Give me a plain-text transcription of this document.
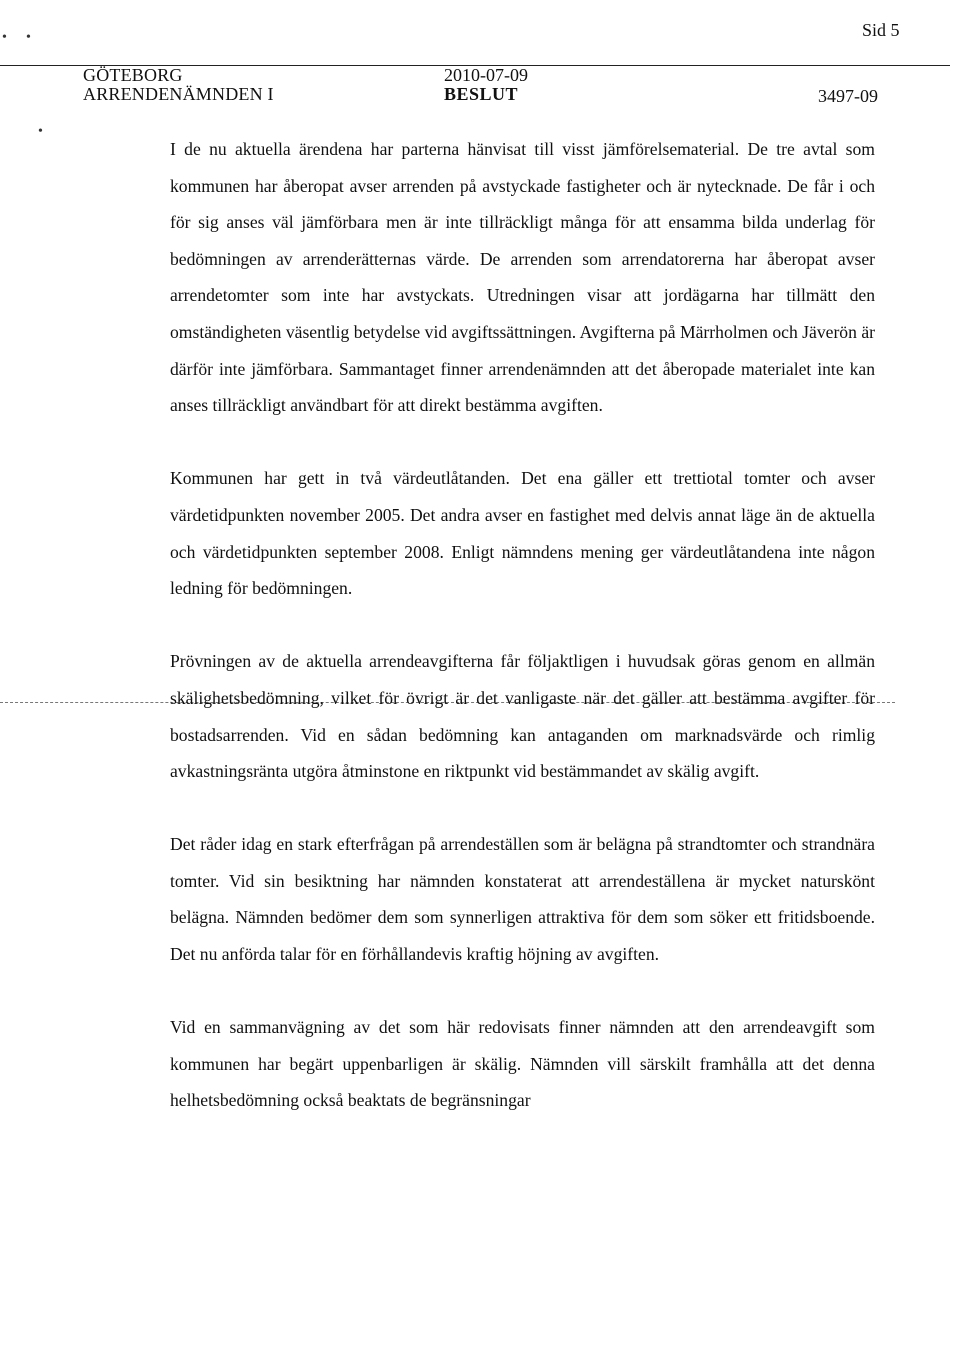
Sid 5
ARRENDENÄMNDEN I	BESLUT	3497-09
GÖTEBORG	2010-07-09
•
• •

I de nu aktuella ärendena har parterna hänvisat till visst jämförelsematerial. De tre avtal som kommunen har åberopat avser arrenden på avstyckade fastigheter och är nytecknade. De får i och för sig anses väl jämförbara men är inte tillräckligt många för att ensamma bilda underlag för bedömningen av arrenderätternas värde. De arrenden som arrendatorerna har åberopat avser arrendetomter som inte har avstyckats. Utredningen visar att jordägarna har tillmätt den omständigheten väsentlig betydelse vid avgiftssättningen. Avgifterna på Märrholmen och Jäverön är därför inte jämförbara. Sammantaget finner arrendenämnden att det åberopade materialet inte kan anses tillräckligt användbart för att direkt bestämma avgiften.

Kommunen har gett in två värdeutlåtanden. Det ena gäller ett trettiotal tomter och avser värdetidpunkten november 2005. Det andra avser en fastighet med delvis annat läge än de aktuella och värdetidpunkten september 2008. Enligt nämndens mening ger värdeutlåtandena inte någon ledning för bedömningen.

Prövningen av de aktuella arrendeavgifterna får följaktligen i huvudsak göras genom en allmän skälighetsbedömning, vilket för övrigt är det vanligaste när det gäller att bestämma avgifter för bostadsarrenden. Vid en sådan bedömning kan antaganden om marknadsvärde och rimlig avkastningsränta utgöra åtminstone en riktpunkt vid bestämmandet av skälig avgift.

Det råder idag en stark efterfrågan på arrendeställen som är belägna på strandtomter och strandnära tomter. Vid sin besiktning har nämnden konstaterat att arrendeställena är mycket naturskönt belägna. Nämnden bedömer dem som synnerligen attraktiva för dem som söker ett fritidsboende. Det nu anförda talar för en förhållandevis kraftig höjning av avgiften.

Vid en sammanvägning av det som här redovisats finner nämnden att den arrendeavgift som kommunen har begärt uppenbarligen är skälig. Nämnden vill särskilt framhålla att det denna helhetsbedömning också beaktats de begränsningar
